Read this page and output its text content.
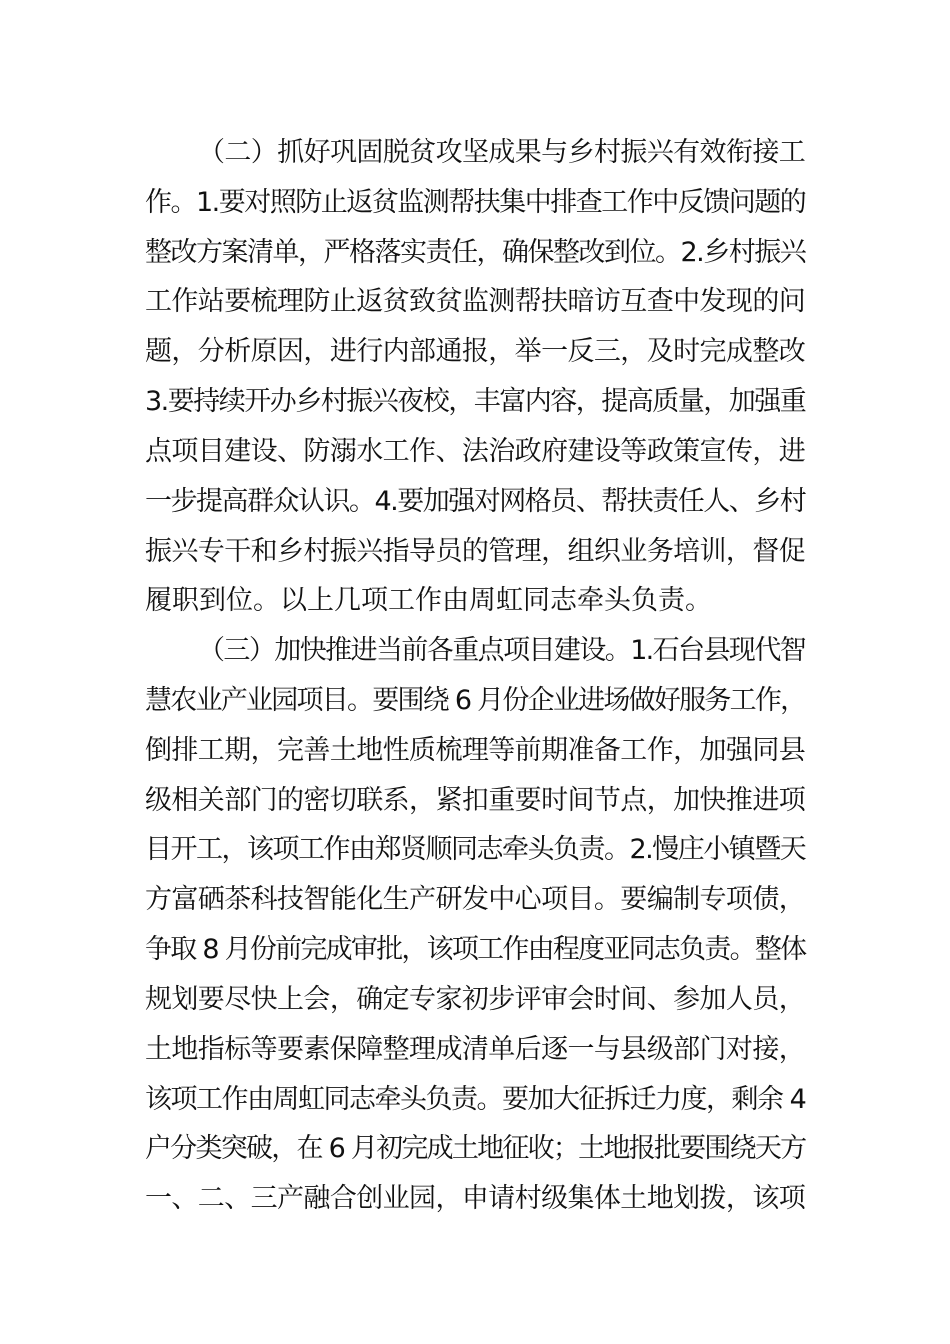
（二）抓好巩固脱贫攻坚成果与乡村振兴有效衔接工
作。1.要对照防止返贫监测帮扶集中排查工作中反馈问题的
整改方案清单，严格落实责任，确保整改到位。2.乡村振兴
工作站要梳理防止返贫致贫监测帮扶暗访互查中发现的问
题，分析原因，进行内部通报，举一反三，及时完成整改
3.要持续开办乡村振兴夜校，丰富内容，提高质量，加强重
点项目建设、防溺水工作、法治政府建设等政策宣传，进
一步提高群众认识。4.要加强对网格员、帮扶责任人、乡村
振兴专干和乡村振兴指导员的管理，组织业务培训，督促
履职到位。以上几项工作由周虹同志牵头负责。
（三）加快推进当前各重点项目建设。1.石台县现代智
慧农业产业园项目。要围绕 6 月份企业进场做好服务工作，
倒排工期，完善土地性质梳理等前期准备工作，加强同县
级相关部门的密切联系，紧扣重要时间节点，加快推进项
目开工，该项工作由郑贤顺同志牵头负责。2.慢庄小镇暨天
方富硒茶科技智能化生产研发中心项目。要编制专项债，
争取 8 月份前完成审批，该项工作由程度亚同志负责。整体
规划要尽快上会，确定专家初步评审会时间、参加人员，
土地指标等要素保障整理成清单后逐一与县级部门对接，
该项工作由周虹同志牵头负责。要加大征拆迁力度，剩余 4
户分类突破，在 6 月初完成土地征收；土地报批要围绕天方
一、二、三产融合创业园，申请村级集体土地划拨，该项
